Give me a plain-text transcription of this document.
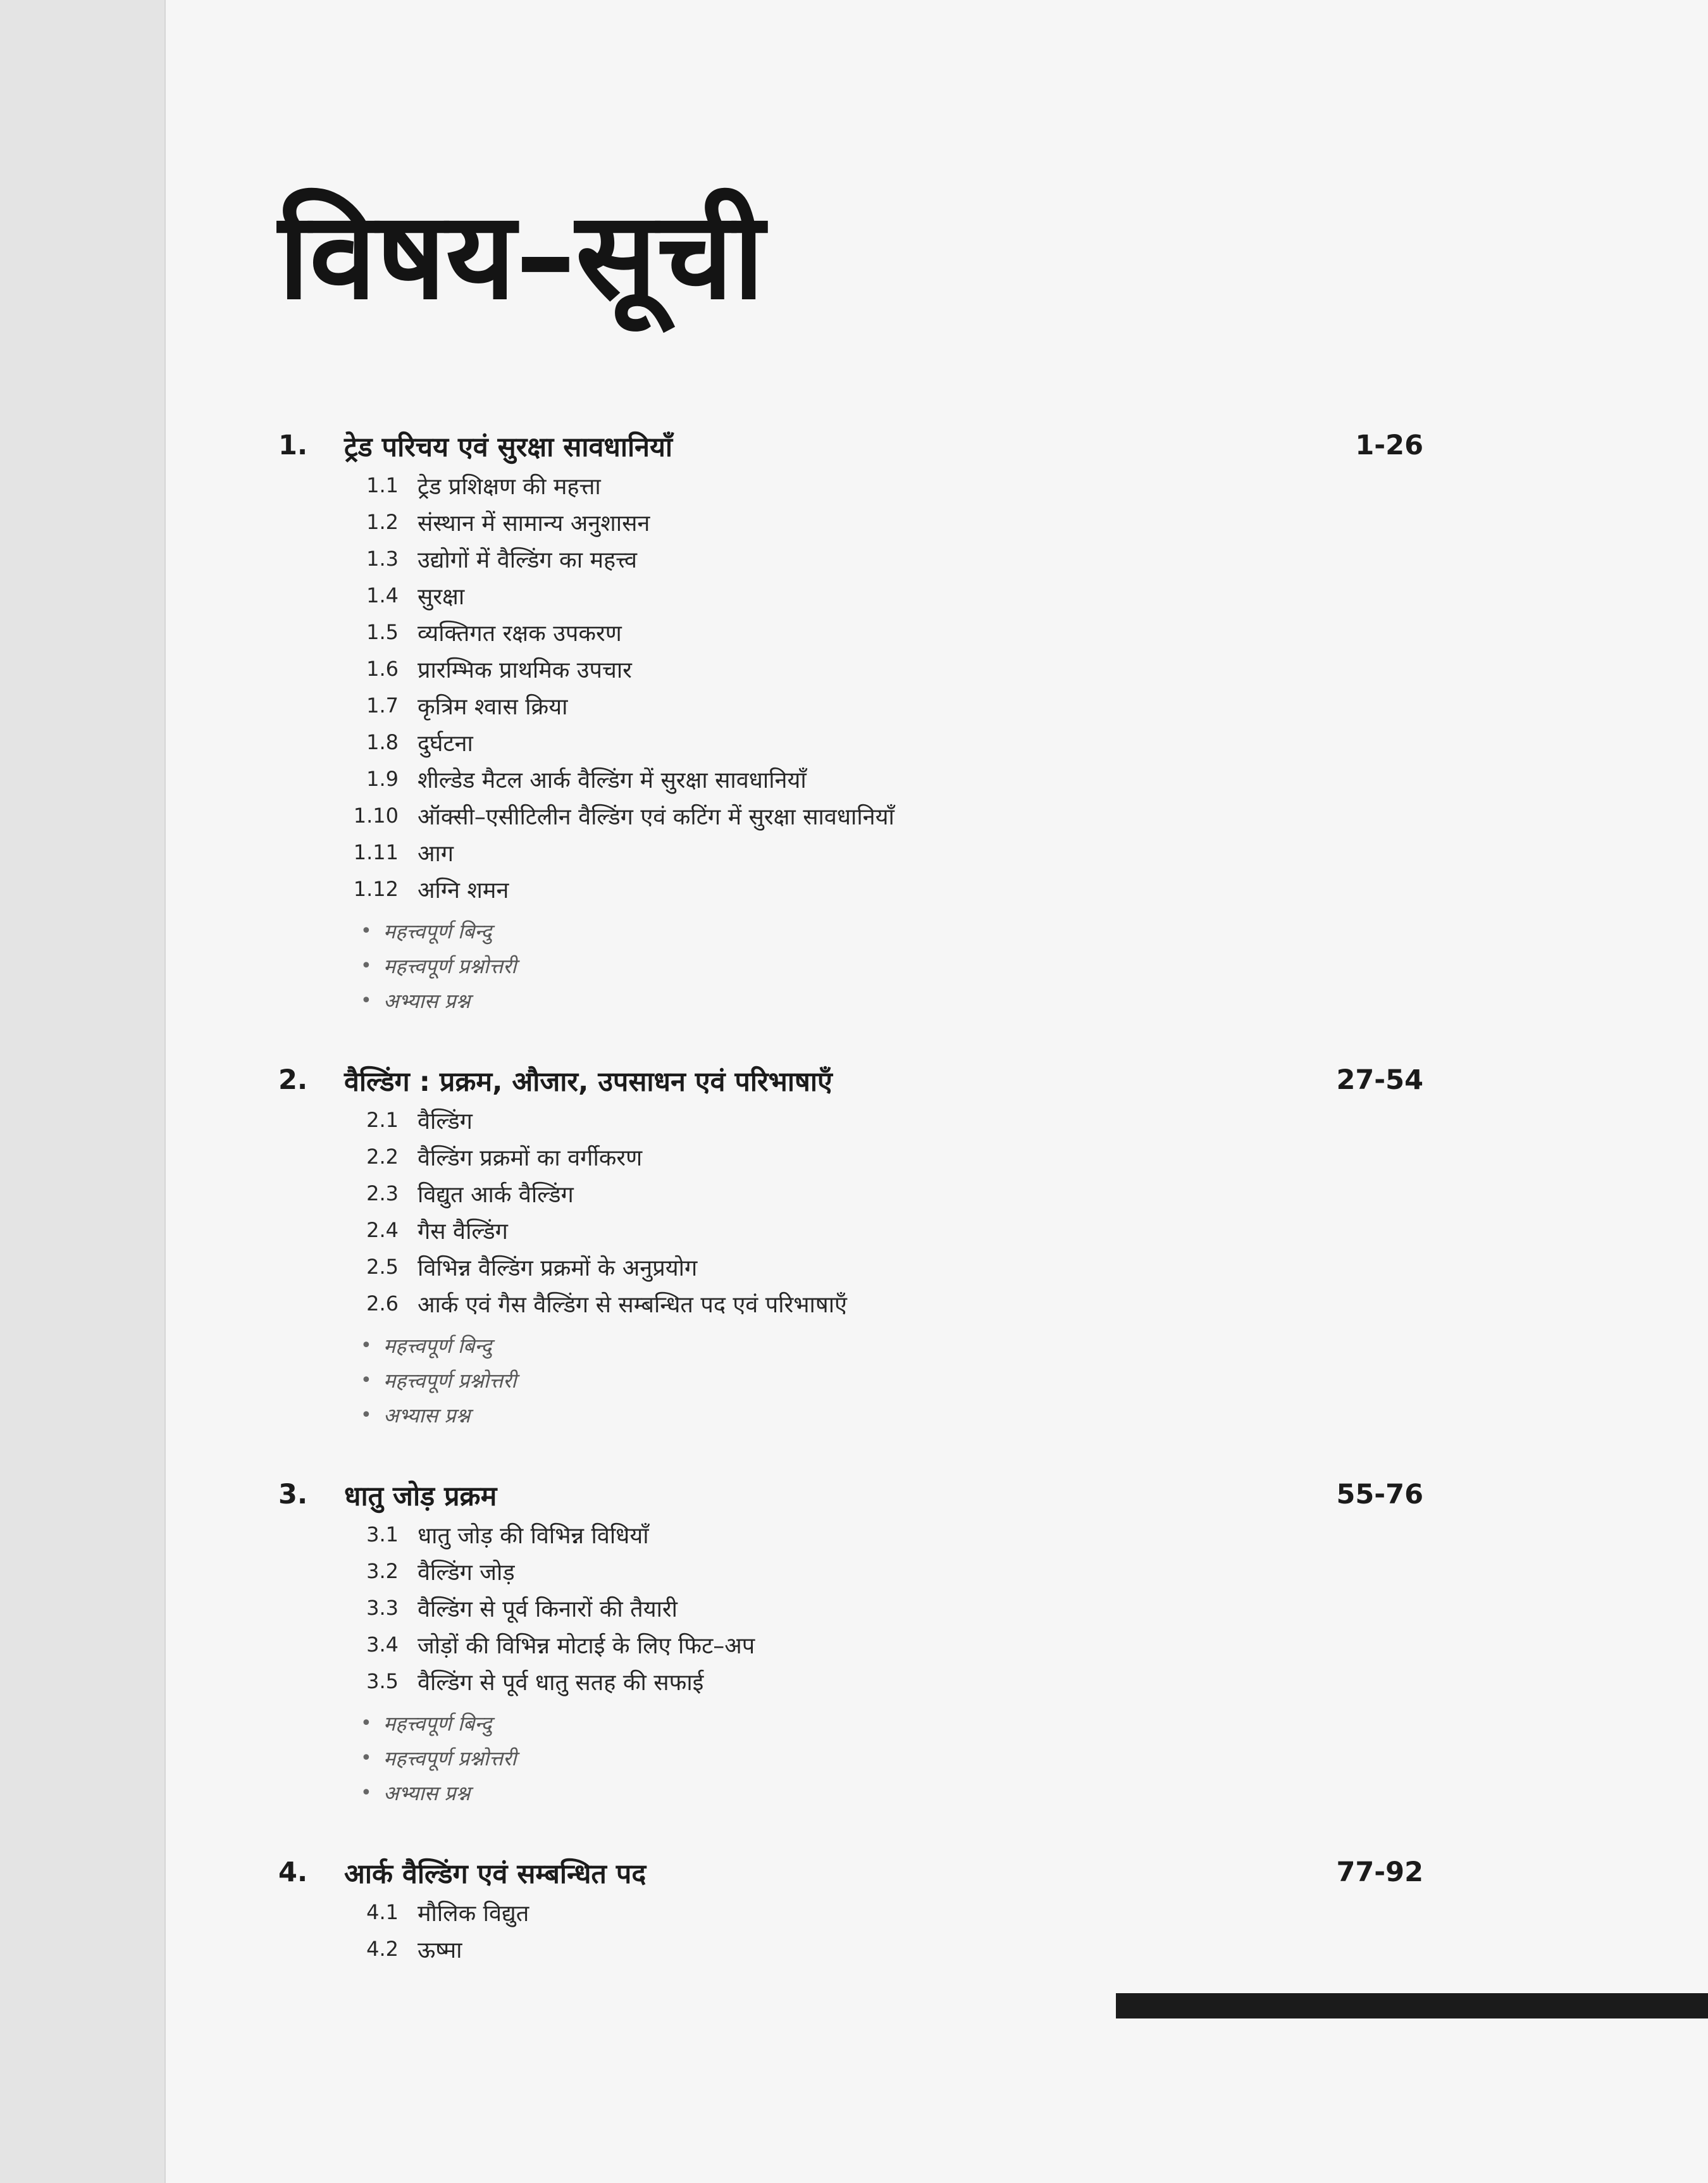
विषय–सूची
1.	ट्रेड परिचय एवं सुरक्षा सावधानियाँ	1-26
1.1 ट्रेड प्रशिक्षण की महत्ता
1.2 संस्थान में सामान्य अनुशासन
1.3 उद्योगों में वैल्डिंग का महत्त्व
1.4 सुरक्षा
1.5 व्यक्तिगत रक्षक उपकरण
1.6 प्रारम्भिक प्राथमिक उपचार
1.7 कृत्रिम श्वास क्रिया
1.8 दुर्घटना
1.9 शील्डेड मैटल आर्क वैल्डिंग में सुरक्षा सावधानियाँ
1.10 ऑक्सी–एसीटिलीन वैल्डिंग एवं कटिंग में सुरक्षा सावधानियाँ
1.11 आग
1.12 अग्नि शमन
• महत्त्वपूर्ण बिन्दु
• महत्त्वपूर्ण प्रश्नोत्तरी
• अभ्यास प्रश्न
2.	वैल्डिंग : प्रक्रम, औजार, उपसाधन एवं परिभाषाएँ	27-54
2.1 वैल्डिंग
2.2 वैल्डिंग प्रक्रमों का वर्गीकरण
2.3 विद्युत आर्क वैल्डिंग
2.4 गैस वैल्डिंग
2.5 विभिन्न वैल्डिंग प्रक्रमों के अनुप्रयोग
2.6 आर्क एवं गैस वैल्डिंग से सम्बन्धित पद एवं परिभाषाएँ
• महत्त्वपूर्ण बिन्दु
• महत्त्वपूर्ण प्रश्नोत्तरी
• अभ्यास प्रश्न
3.	धातु जोड़ प्रक्रम	55-76
3.1 धातु जोड़ की विभिन्न विधियाँ
3.2 वैल्डिंग जोड़
3.3 वैल्डिंग से पूर्व किनारों की तैयारी
3.4 जोड़ों की विभिन्न मोटाई के लिए फिट–अप
3.5 वैल्डिंग से पूर्व धातु सतह की सफाई
• महत्त्वपूर्ण बिन्दु
• महत्त्वपूर्ण प्रश्नोत्तरी
• अभ्यास प्रश्न
4.	आर्क वैल्डिंग एवं सम्बन्धित पद	77-92
4.1 मौलिक विद्युत
4.2 ऊष्मा
